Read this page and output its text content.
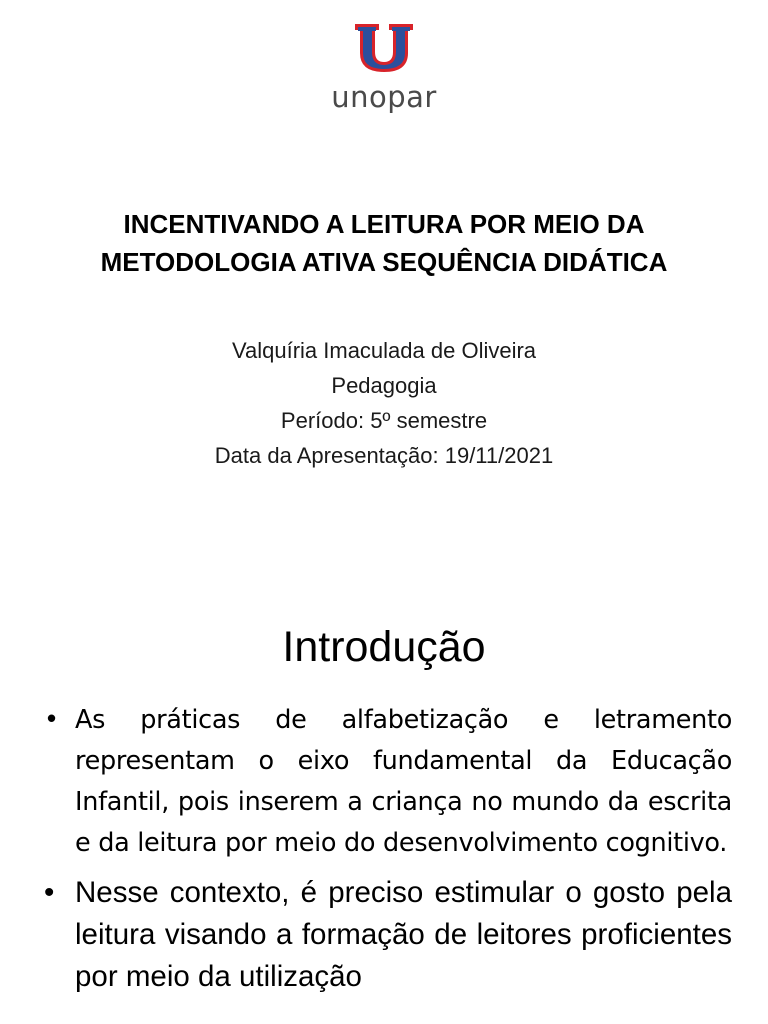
unopar
INCENTIVANDO A LEITURA POR MEIO DA METODOLOGIA ATIVA SEQUÊNCIA DIDÁTICA
Valquíria Imaculada de Oliveira
Pedagogia
Período: 5º semestre
Data da Apresentação: 19/11/2021
Introdução
• As práticas de alfabetização e letramento representam o eixo fundamental da Educação Infantil, pois inserem a criança no mundo da escrita e da leitura por meio do desenvolvimento cognitivo.
• Nesse contexto, é preciso estimular o gosto pela leitura visando a formação de leitores proficientes por meio da utilização
